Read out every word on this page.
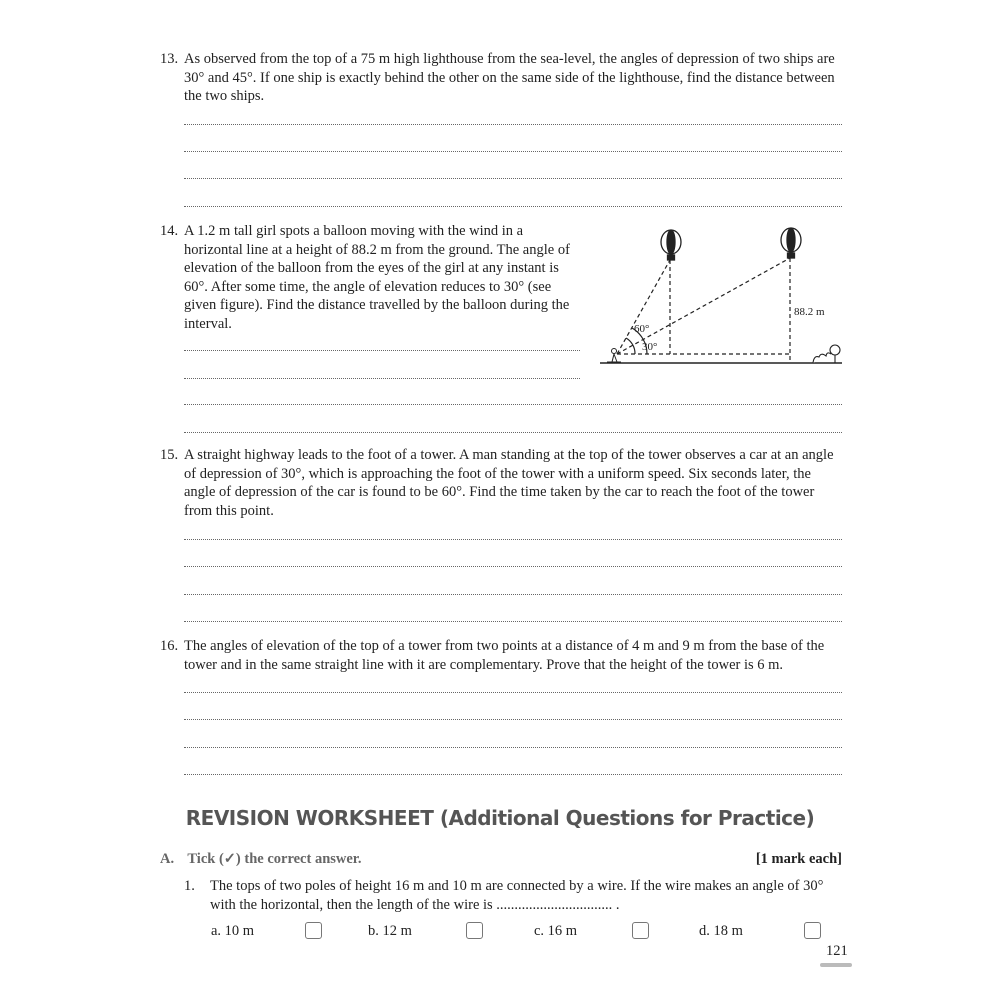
13. As observed from the top of a 75 m high lighthouse from the sea-level, the angles of depression of two ships are 30° and 45°. If one ship is exactly behind the other on the same side of the lighthouse, find the distance between the two ships.
14. A 1.2 m tall girl spots a balloon moving with the wind in a horizontal line at a height of 88.2 m from the ground. The angle of elevation of the balloon from the eyes of the girl at any instant is 60°. After some time, the angle of elevation reduces to 30° (see given figure). Find the distance travelled by the balloon during the interval.
88.2 m
60°
30°
15. A straight highway leads to the foot of a tower. A man standing at the top of the tower observes a car at an angle of depression of 30°, which is approaching the foot of the tower with a uniform speed. Six seconds later, the angle of depression of the car is found to be 60°. Find the time taken by the car to reach the foot of the tower from this point.
16. The angles of elevation of the top of a tower from two points at a distance of 4 m and 9 m from the base of the tower and in the same straight line with it are complementary. Prove that the height of the tower is 6 m.
REVISION WORKSHEET (Additional Questions for Practice)
A. Tick (✓) the correct answer.	[1 mark each]
1. The tops of two poles of height 16 m and 10 m are connected by a wire. If the wire makes an angle of 30° with the horizontal, then the length of the wire is ................................ .
a. 10 m	b. 12 m	c. 16 m	d. 18 m
121
